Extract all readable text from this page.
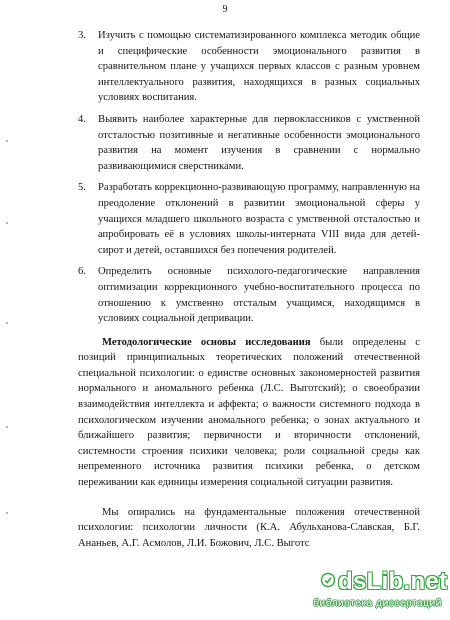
9
3.	Изучить с помощью систематизированного комплекса методик общие и специфические особенности эмоционального развития в сравнительном плане у учащихся первых классов с разным уровнем интеллектуального развития, находящихся в разных социальных условиях воспитания.
4.	Выявить наиболее характерные для первоклассников с умственной отсталостью позитивные и негативные особенности эмоционального развития на момент изучения в сравнении с нормально развивающимися сверстниками.
5.	Разработать коррекционно-развивающую программу, направленную на преодоление отклонений в развитии эмоциональной сферы у учащихся младшего школьного возраста с умственной отсталостью и апробировать её в условиях школы-интерната VIII вида для детей-сирот и детей, оставшихся без попечения родителей.
6.	Определить основные психолого-педагогические направления оптимизации коррекционного учебно-воспитательного процесса по отношению к умственно отсталым учащимся, находящимся в условиях социальной депривации.

Методологические основы исследования были определены с позиций принципиальных теоретических положений отечественной специальной психологии: о единстве основных закономерностей развития нормального и аномального ребенка (Л.С. Выготский); о своеобразии взаимодействия интеллекта и аффекта; о важности системного подхода в психологическом изучении аномального ребенка; о зонах актуального и ближайшего развития; первичности и вторичности отклонений, системности строения психики человека; роли социальной среды как непременного источника развития психики ребенка, о детском переживании как единицы измерения социальной ситуации развития.

Мы опирались на фундаментальные положения отечественной психологии: психологии личности (К.А. Абульханова-Славская, Б.Г. Ананьев, А.Г. Асмолов, Л.И. Божович, Л.С. Выготс

dsLib.net
библиотека диссертаций
